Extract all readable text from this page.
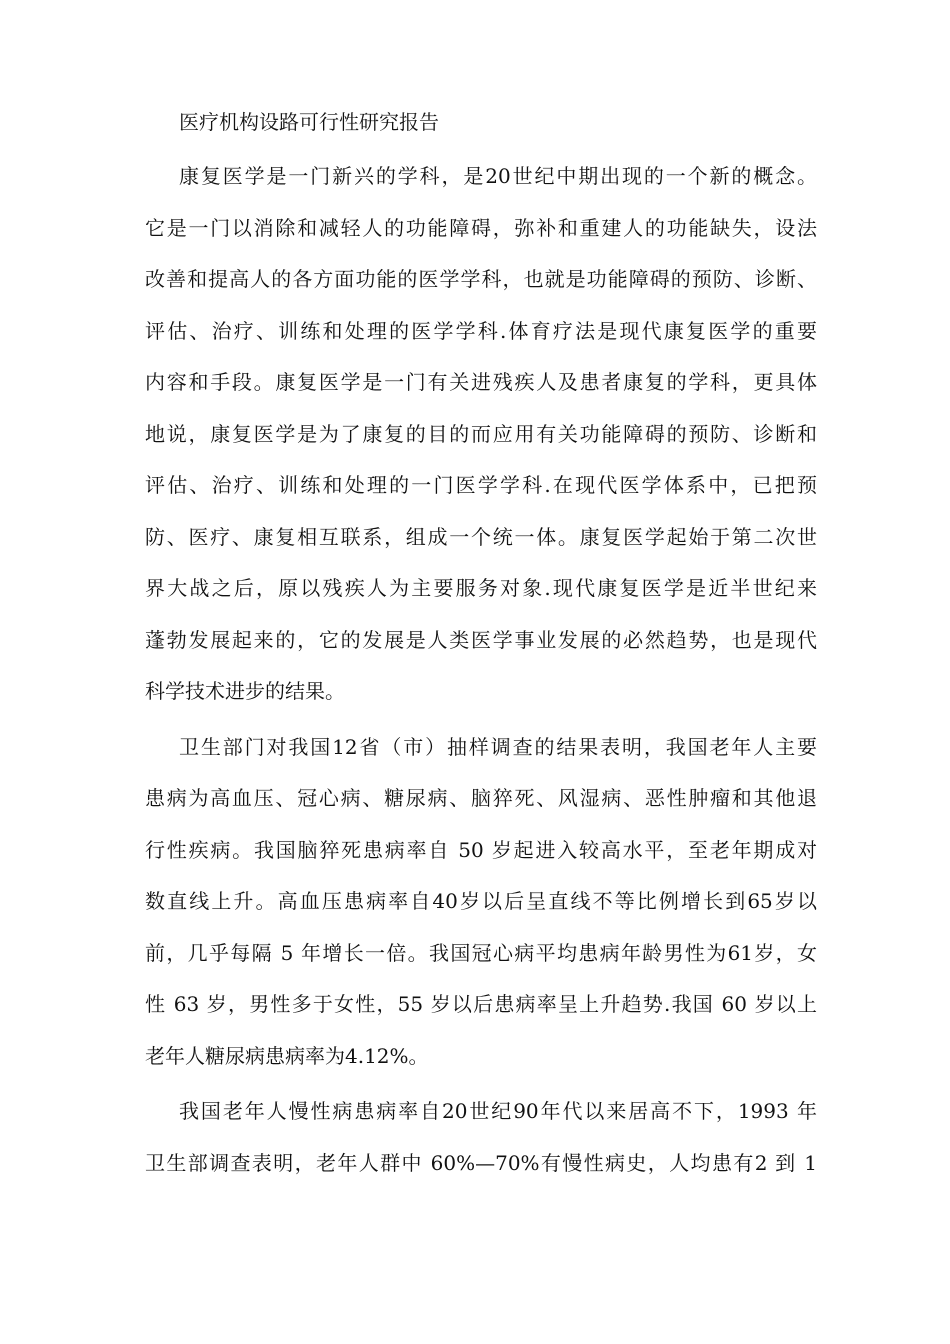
医疗机构设路可行性研究报告

康复医学是一门新兴的学科，是20世纪中期出现的一个新的概念。
它是一门以消除和减轻人的功能障碍，弥补和重建人的功能缺失，设法
改善和提高人的各方面功能的医学学科，也就是功能障碍的预防、诊断、
评估、治疗、训练和处理的医学学科.体育疗法是现代康复医学的重要
内容和手段。康复医学是一门有关进残疾人及患者康复的学科，更具体
地说，康复医学是为了康复的目的而应用有关功能障碍的预防、诊断和
评估、治疗、训练和处理的一门医学学科.在现代医学体系中，已把预
防、医疗、康复相互联系，组成一个统一体。康复医学起始于第二次世
界大战之后，原以残疾人为主要服务对象.现代康复医学是近半世纪来
蓬勃发展起来的，它的发展是人类医学事业发展的必然趋势，也是现代
科学技术进步的结果。

卫生部门对我国12省（市）抽样调查的结果表明，我国老年人主要
患病为高血压、冠心病、糖尿病、脑猝死、风湿病、恶性肿瘤和其他退
行性疾病。我国脑猝死患病率自 50 岁起进入较高水平，至老年期成对
数直线上升。高血压患病率自40岁以后呈直线不等比例增长到65岁以
前，几乎每隔 5 年增长一倍。我国冠心病平均患病年龄男性为61岁，女
性 63 岁，男性多于女性，55 岁以后患病率呈上升趋势.我国 60 岁以上
老年人糖尿病患病率为4.12%。

我国老年人慢性病患病率自20世纪90年代以来居高不下，1993 年
卫生部调查表明，老年人群中 60%—70%有慢性病史，人均患有2 到 1
